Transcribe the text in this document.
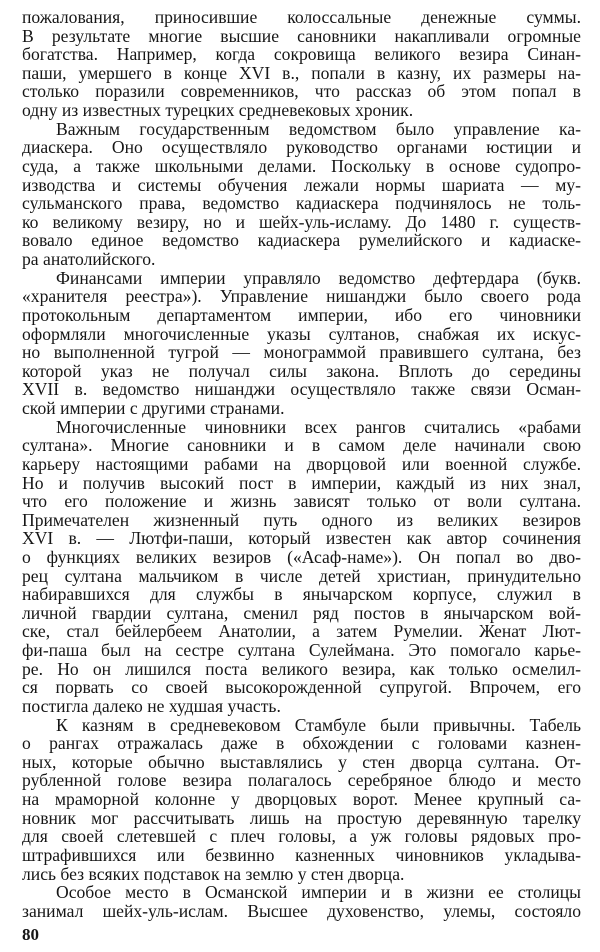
пожалования, приносившие колоссальные денежные суммы.
В результате многие высшие сановники накапливали огромные
богатства. Например, когда сокровища великого везира Синан-
паши, умершего в конце XVI в., попали в казну, их размеры на-
столько поразили современников, что рассказ об этом попал в
одну из известных турецких средневековых хроник.
Важным государственным ведомством было управление ка-
диаскера. Оно осуществляло руководство органами юстиции и
суда, а также школьными делами. Поскольку в основе судопро-
изводства и системы обучения лежали нормы шариата — му-
сульманского права, ведомство кадиаскера подчинялось не толь-
ко великому везиру, но и шейх-уль-исламу. До 1480 г. существ-
вовало единое ведомство кадиаскера румелийского и кадиаске-
ра анатолийского.
Финансами империи управляло ведомство дефтердара (букв.
«хранителя реестра»). Управление нишанджи было своего рода
протокольным департаментом империи, ибо его чиновники
оформляли многочисленные указы султанов, снабжая их искус-
но выполненной тугрой — монограммой правившего султана, без
которой указ не получал силы закона. Вплоть до середины
XVII в. ведомство нишанджи осуществляло также связи Осман-
ской империи с другими странами.
Многочисленные чиновники всех рангов считались «рабами
султана». Многие сановники и в самом деле начинали свою
карьеру настоящими рабами на дворцовой или военной службе.
Но и получив высокий пост в империи, каждый из них знал,
что его положение и жизнь зависят только от воли султана.
Примечателен жизненный путь одного из великих везиров
XVI в. — Лютфи-паши, который известен как автор сочинения
о функциях великих везиров («Асаф-наме»). Он попал во дво-
рец султана мальчиком в числе детей христиан, принудительно
набиравшихся для службы в янычарском корпусе, служил в
личной гвардии султана, сменил ряд постов в янычарском вой-
ске, стал бейлербеем Анатолии, а затем Румелии. Женат Лют-
фи-паша был на сестре султана Сулеймана. Это помогало карье-
ре. Но он лишился поста великого везира, как только осмелил-
ся порвать со своей высокорожденной супругой. Впрочем, его
постигла далеко не худшая участь.
К казням в средневековом Стамбуле были привычны. Табель
о рангах отражалась даже в обхождении с головами казнен-
ных, которые обычно выставлялись у стен дворца султана. От-
рубленной голове везира полагалось серебряное блюдо и место
на мраморной колонне у дворцовых ворот. Менее крупный са-
новник мог рассчитывать лишь на простую деревянную тарелку
для своей слетевшей с плеч головы, а уж головы рядовых про-
штрафившихся или безвинно казненных чиновников укладыва-
лись без всяких подставок на землю у стен дворца.
Особое место в Османской империи и в жизни ее столицы
занимал шейх-уль-ислам. Высшее духовенство, улемы, состояло
80
